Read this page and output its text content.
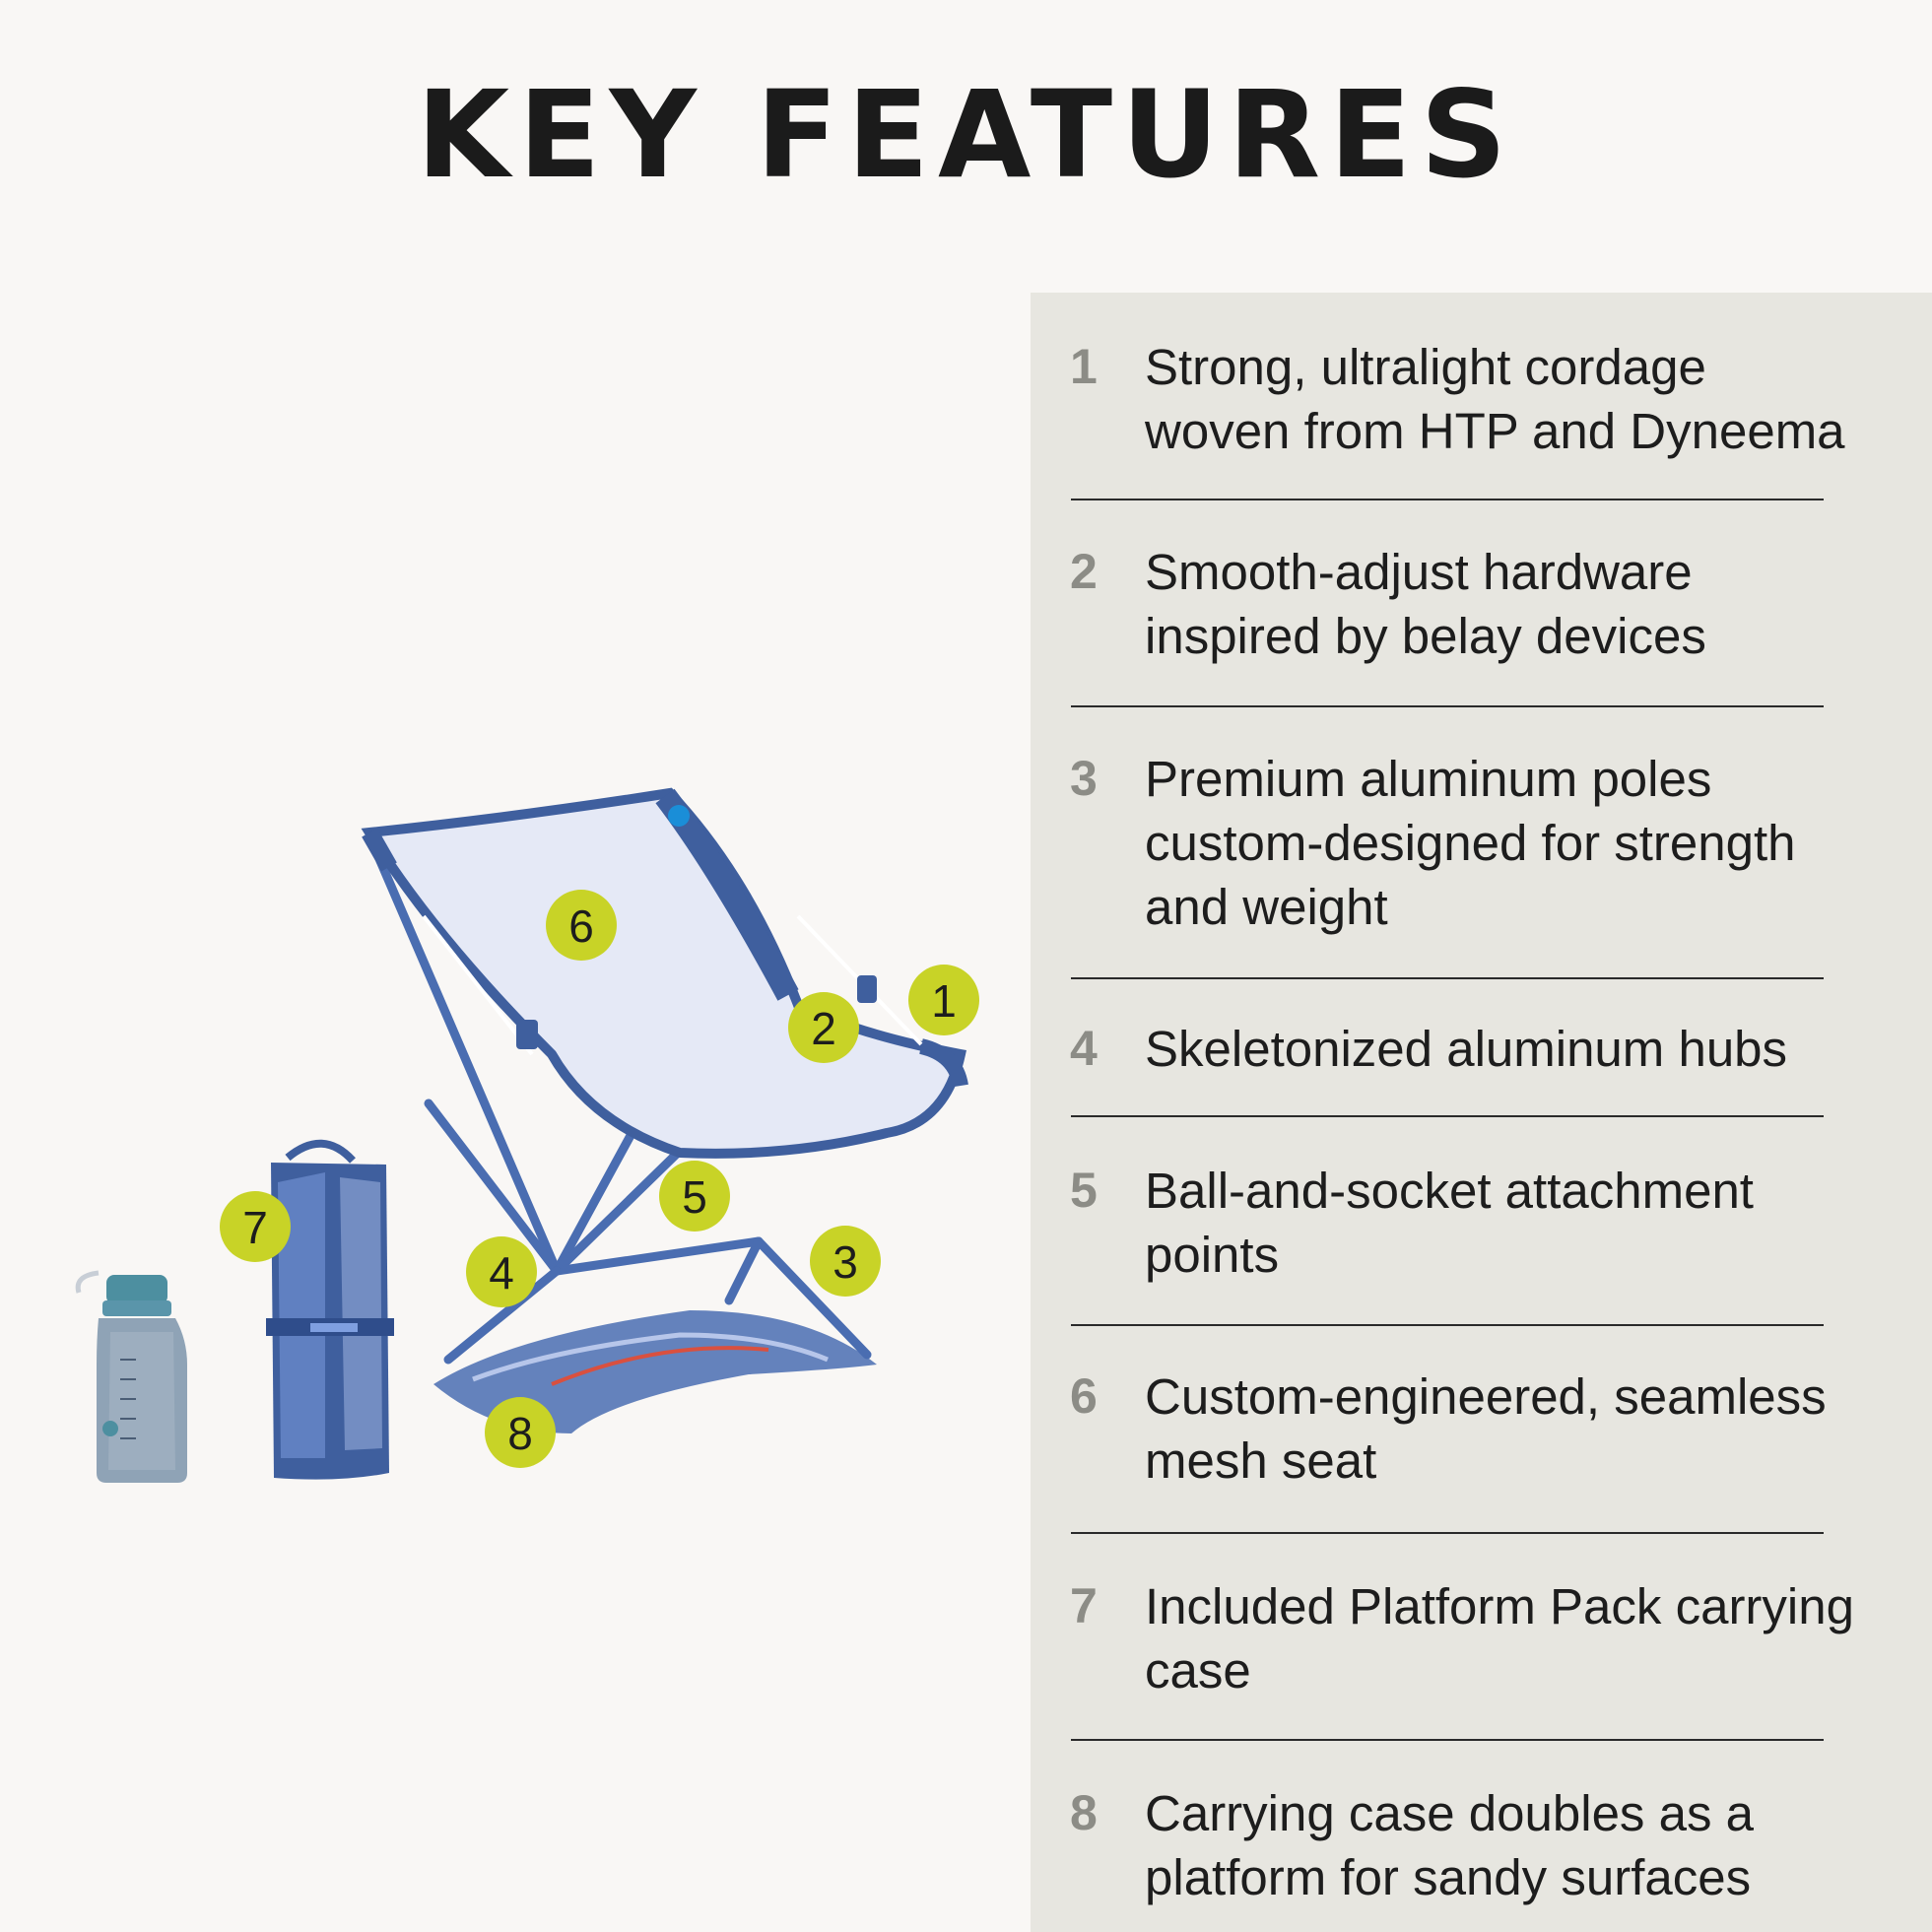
KEY FEATURES
1
2
3
4
5
6
7
8
1 Strong, ultralight cordage
woven from HTP and Dyneema
2 Smooth-adjust hardware
inspired by belay devices
3 Premium aluminum poles
custom-designed for strength
and weight
4 Skeletonized aluminum hubs
5 Ball-and-socket attachment
points
6 Custom-engineered, seamless
mesh seat
7 Included Platform Pack carrying
case
8 Carrying case doubles as a
platform for sandy surfaces
